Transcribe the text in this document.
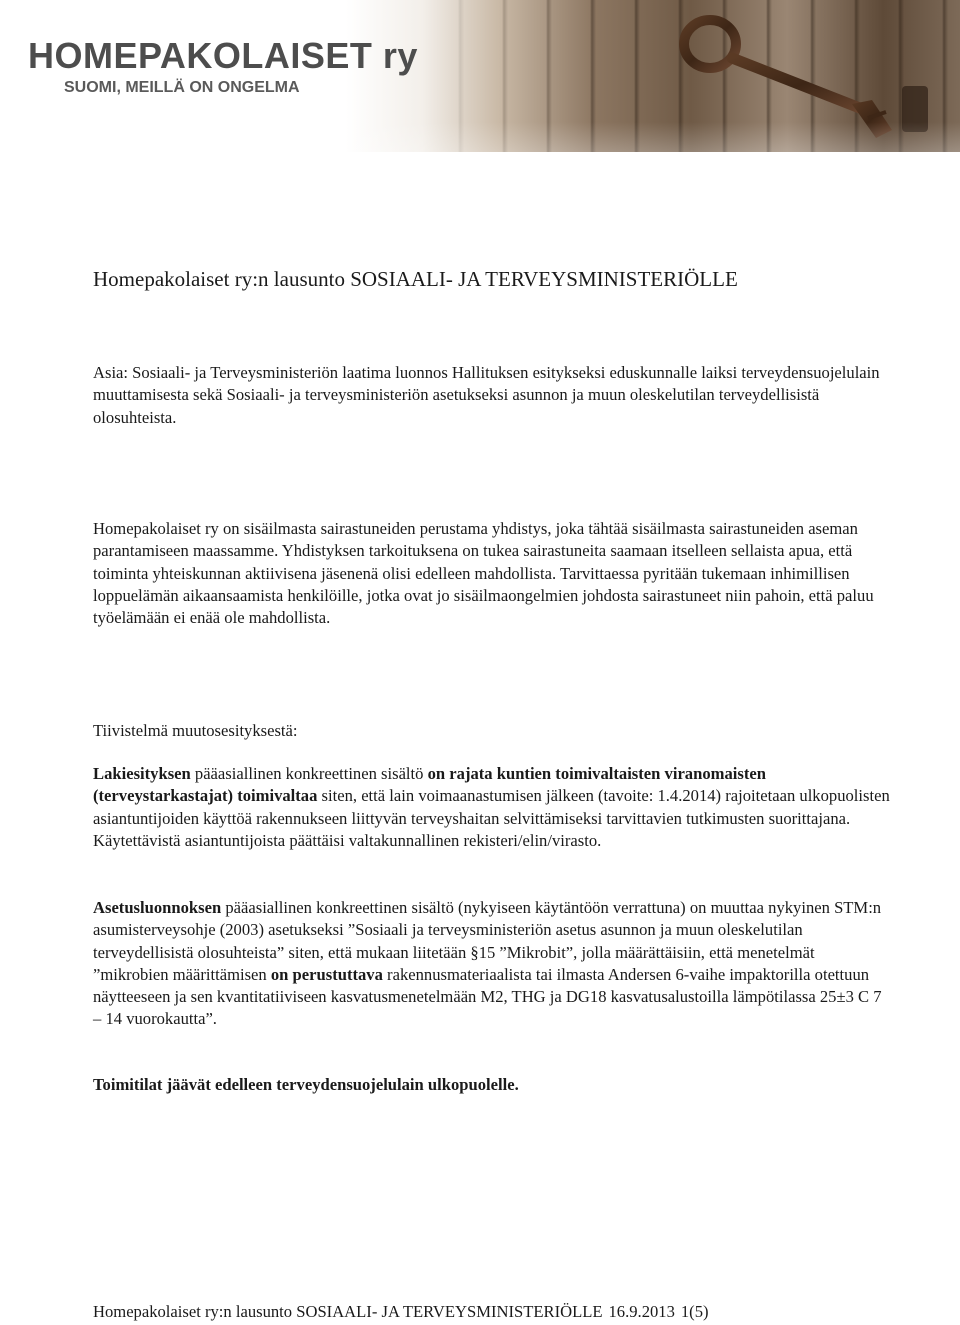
HOMEPAKOLAISET ry

SUOMI, MEILLÄ ON ONGELMA

Homepakolaiset ry:n lausunto SOSIAALI- JA TERVEYSMINISTERIÖLLE

Asia: Sosiaali- ja Terveysministeriön laatima luonnos Hallituksen esitykseksi eduskunnalle laiksi terveydensuojelulain muuttamisesta sekä Sosiaali- ja terveysministeriön asetukseksi asunnon ja muun oleskelutilan terveydellisistä olosuhteista.

Homepakolaiset ry on sisäilmasta sairastuneiden perustama yhdistys, joka tähtää sisäilmasta sairastuneiden aseman parantamiseen maassamme. Yhdistyksen tarkoituksena on tukea sairastuneita saamaan itselleen sellaista apua, että toiminta yhteiskunnan aktiivisena jäsenenä olisi edelleen mahdollista. Tarvittaessa pyritään tukemaan inhimillisen loppuelämän aikaansaamista henkilöille, jotka ovat jo sisäilmaongelmien johdosta sairastuneet niin pahoin, että paluu työelämään ei enää ole mahdollista.

Tiivistelmä muutosesityksestä:

Lakiesityksen pääasiallinen konkreettinen sisältö on rajata kuntien toimivaltaisten viranomaisten (terveystarkastajat) toimivaltaa siten, että lain voimaanastumisen jälkeen (tavoite: 1.4.2014) rajoitetaan ulkopuolisten asiantuntijoiden käyttöä rakennukseen liittyvän terveyshaitan selvittämiseksi tarvittavien tutkimusten suorittajana. Käytettävistä asiantuntijoista päättäisi valtakunnallinen rekisteri/elin/virasto.

Asetusluonnoksen pääasiallinen konkreettinen sisältö (nykyiseen käytäntöön verrattuna) on muuttaa nykyinen STM:n asumisterveysohje (2003) asetukseksi ”Sosiaali ja terveysministeriön asetus asunnon ja muun oleskelutilan terveydellisistä olosuhteista” siten, että mukaan liitetään §15 ”Mikrobit”, jolla määrättäisiin, että menetelmät ”mikrobien määrittämisen on perustuttava rakennusmateriaalista tai ilmasta Andersen 6-vaihe impaktorilla otettuun näytteeseen ja sen kvantitatiiviseen kasvatusmenetelmään M2, THG ja DG18 kasvatusalustoilla lämpötilassa 25±3 C 7 – 14 vuorokautta”.

Toimitilat jäävät edelleen terveydensuojelulain ulkopuolelle.

Homepakolaiset ry:n lausunto SOSIAALI- JA TERVEYSMINISTERIÖLLE 16.9.2013 1(5)
